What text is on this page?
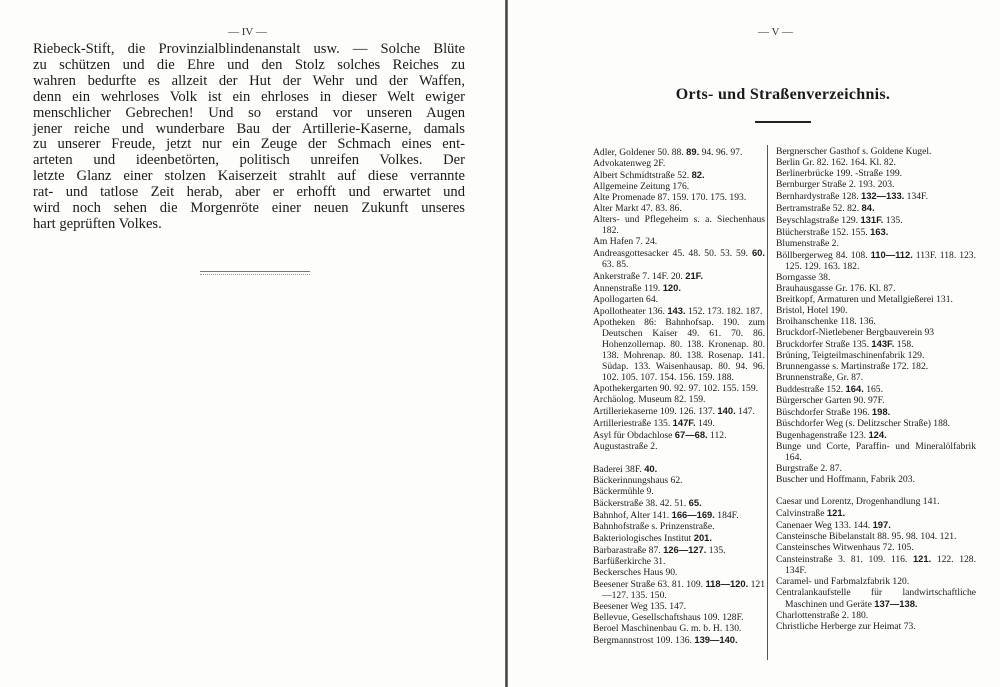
— IV —
Riebeck-Stift, die Provinzialblindenanstalt usw. — Solche Blüte
zu schützen und die Ehre und den Stolz solches Reiches zu
wahren bedurfte es allzeit der Hut der Wehr und der Waffen,
denn ein wehrloses Volk ist ein ehrloses in dieser Welt ewiger
menschlicher Gebrechen! Und so erstand vor unseren Augen
jener reiche und wunderbare Bau der Artillerie-Kaserne, damals
zu unserer Freude, jetzt nur ein Zeuge der Schmach eines ent-
arteten und ideenbetörten, politisch unreifen Volkes. Der
letzte Glanz einer stolzen Kaiserzeit strahlt auf diese verrannte
rat- und tatlose Zeit herab, aber er erhofft und erwartet und
wird noch sehen die Morgenröte einer neuen Zukunft unseres
hart geprüften Volkes.
— V —
Orts- und Straßenverzeichnis.
Adler, Goldener 50. 88. 89. 94. 96. 97.
Advokatenweg 2F.
Albert Schmidtstraße 52. 82.
Allgemeine Zeitung 176.
Alte Promenade 87. 159. 170. 175. 193.
Alter Markt 47. 83. 86.
Alters- und Pflegeheim s. a. Siechenhaus 182.
Am Hafen 7. 24.
Andreasgottesacker 45. 48. 50. 53. 59. 60. 63. 85.
Ankerstraße 7. 14F. 20. 21F.
Annenstraße 119. 120.
Apollogarten 64.
Apollotheater 136. 143. 152. 173. 182. 187.
Apotheken 86: Bahnhofsap. 190. zum Deutschen Kaiser 49. 61. 70. 86. Hohenzollernap. 80. 138. Kronenap. 80. 138. Mohrenap. 80. 138. Rosenap. 141. Südap. 133. Waisenhausap. 80. 94. 96. 102. 105. 107. 154. 156. 159. 188.
Apothekergarten 90. 92. 97. 102. 155. 159.
Archäolog. Museum 82. 159.
Artilleriekaserne 109. 126. 137. 140. 147.
Artilleriestraße 135. 147F. 149.
Asyl für Obdachlose 67—68. 112.
Augustastraße 2.
Baderei 38F. 40.
Bäckerinnungshaus 62.
Bäckermühle 9.
Bäckerstraße 38. 42. 51. 65.
Bahnhof, Alter 141. 166—169. 184F.
Bahnhofstraße s. Prinzenstraße.
Bakteriologisches Institut 201.
Barbarastraße 87. 126—127. 135.
Barfüßerkirche 31.
Beckersches Haus 90.
Beesener Straße 63. 81. 109. 118—120. 121—127. 135. 150.
Beesener Weg 135. 147.
Bellevue, Gesellschaftshaus 109. 128F.
Beroel Maschinenbau G. m. b. H. 130.
Bergmannstrost 109. 136. 139—140.
Bergnerscher Gasthof s. Goldene Kugel.
Berlin Gr. 82. 162. 164. Kl. 82.
Berlinerbrücke 199. -Straße 199.
Bernburger Straße 2. 193. 203.
Bernhardystraße 128. 132—133. 134F.
Bertramstraße 52. 82. 84.
Beyschlagstraße 129. 131F. 135.
Blücherstraße 152. 155. 163.
Blumenstraße 2.
Böllbergerweg 84. 108. 110—112. 113F. 118. 123. 125. 129. 163. 182.
Borngasse 38.
Brauhausgasse Gr. 176. Kl. 87.
Breitkopf, Armaturen und Metallgießerei 131.
Bristol, Hotel 190.
Broihanschenke 118. 136.
Bruckdorf-Nietlebener Bergbauverein 93
Bruckdorfer Straße 135. 143F. 158.
Brüning, Teigteilmaschinenfabrik 129.
Brunnengasse s. Martinstraße 172. 182.
Brunnenstraße, Gr. 87.
Buddestraße 152. 164. 165.
Bürgerscher Garten 90. 97F.
Büschdorfer Straße 196. 198.
Büschdorfer Weg (s. Delitzscher Straße) 188.
Bugenhagenstraße 123. 124.
Bunge und Corte, Paraffin- und Mineralölfabrik 164.
Burgstraße 2. 87.
Buscher und Hoffmann, Fabrik 203.
Caesar und Lorentz, Drogenhandlung 141.
Calvinstraße 121.
Canenaer Weg 133. 144. 197.
Cansteinsche Bibelanstalt 88. 95. 98. 104. 121.
Cansteinsches Witwenhaus 72. 105.
Cansteinstraße 3. 81. 109. 116. 121. 122. 128. 134F.
Caramel- und Farbmalzfabrik 120.
Centralankaufstelle für landwirtschaftliche Maschinen und Geräte 137—138.
Charlottenstraße 2. 180.
Christliche Herberge zur Heimat 73.
